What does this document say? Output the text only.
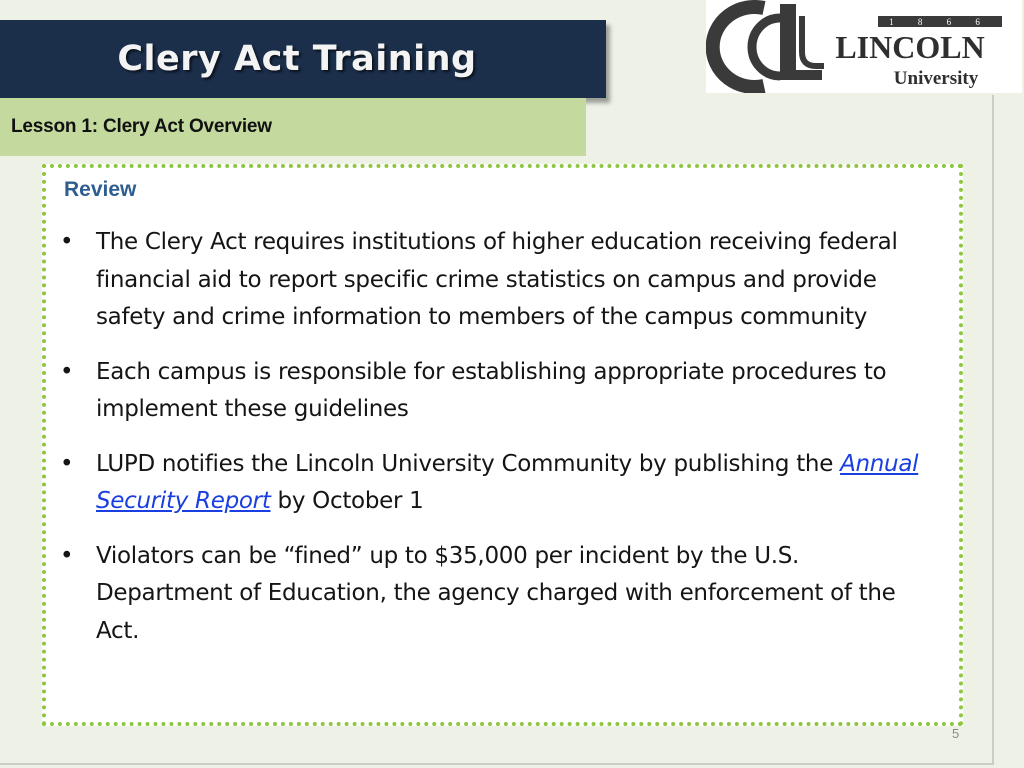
Clery Act Training
Lesson 1: Clery Act Overview
1 8 6 6
LINCOLN
University
Review
• The Clery Act requires institutions of higher education receiving federal financial aid to report specific crime statistics on campus and provide safety and crime information to members of the campus community
• Each campus is responsible for establishing appropriate procedures to implement these guidelines
• LUPD notifies the Lincoln University Community by publishing the Annual Security Report by October 1
• Violators can be “fined” up to $35,000 per incident by the U.S. Department of Education, the agency charged with enforcement of the Act.
5
